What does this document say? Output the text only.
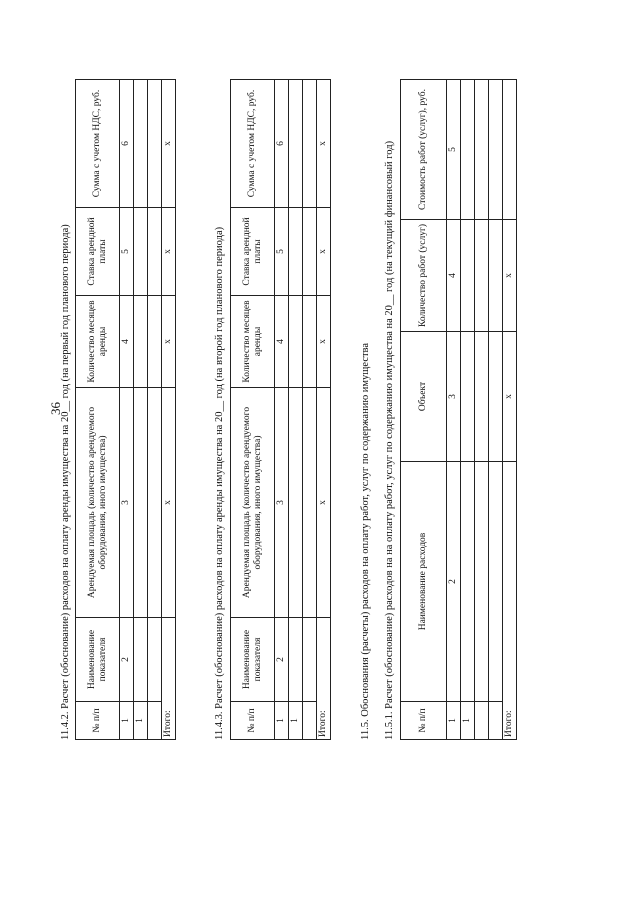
36
11.4.2. Расчет (обоснование) расходов на оплату аренды имущества на 20__ год (на первый год планового периода) № п/п	Наименование показателя	Арендуемая площадь (количество арендуемого оборудования, иного имущества)	Количество месяцев аренды	Ставка арендной платы	Сумма с учетом НДС, руб.
1	2	3	4	5	6
1					

Итого:		x	x	x	x
11.4.3. Расчет (обоснование) расходов на оплату аренды имущества на 20__ год (на второй год планового периода) № п/п	Наименование показателя	Арендуемая площадь (количество арендуемого оборудования, иного имущества)	Количество месяцев аренды	Ставка арендной платы	Сумма с учетом НДС, руб.
1	2	3	4	5	6
1					

Итого:		x	x	x	x
11.5. Обоснования (расчеты) расходов на оплату работ, услуг по содержанию имущества 11.5.1. Расчет (обоснование) расходов на на оплату работ, услуг по содержанию имущества на 20__ год (на текущий финансовый год) № п/п	Наименование расходов	Объект	Количество работ (услуг)	Стоимость работ (услуг), руб.
1	2	3	4	5
1				

Итого:		x	x	
